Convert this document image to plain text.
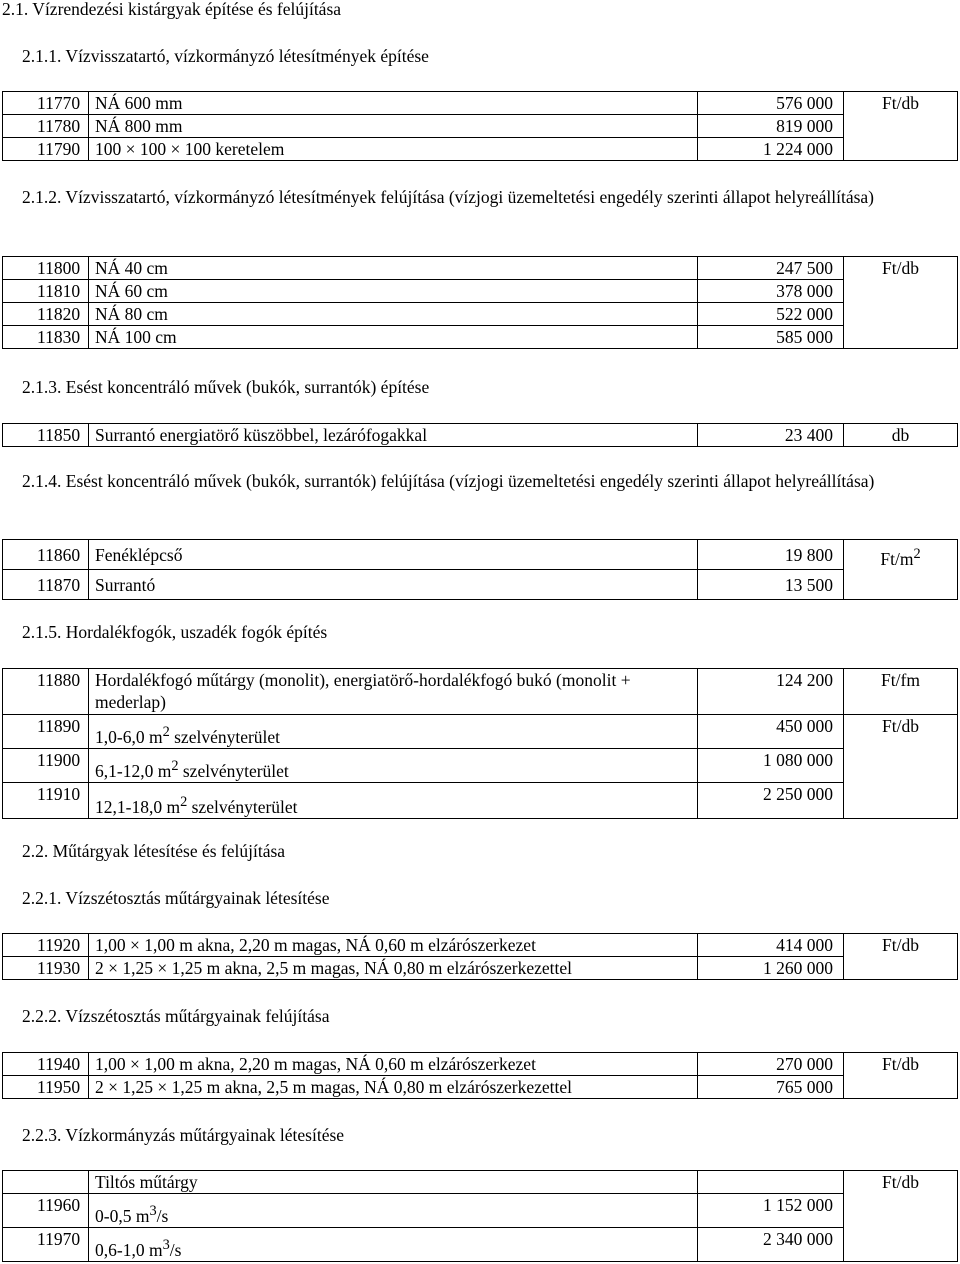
2.1. Vízrendezési kistárgyak építése és felújítása
2.1.1. Vízvisszatartó, vízkormányzó létesítmények építése
11770	NÁ 600 mm	576 000	Ft/db
11780	NÁ 800 mm	819 000	
11790	100 × 100 × 100 keretelem	1 224 000	
2.1.2. Vízvisszatartó, vízkormányzó létesítmények felújítása (vízjogi üzemeltetési engedély szerinti állapot helyreállítása)
11800	NÁ 40 cm	247 500	Ft/db
11810	NÁ 60 cm	378 000	
11820	NÁ 80 cm	522 000	
11830	NÁ 100 cm	585 000	
2.1.3. Esést koncentráló művek (bukók, surrantók) építése
11850	Surrantó energiatörő küszöbbel, lezárófogakkal	23 400	db
2.1.4. Esést koncentráló művek (bukók, surrantók) felújítása (vízjogi üzemeltetési engedély szerinti állapot helyreállítása)
11860	Fenéklépcső	19 800	$Ft/m^2$
11870	Surrantó	13 500	
2.1.5. Hordalékfogók, uszadék fogók építés
11880	Hordalékfogó műtárgy (monolit), energiatörő-hordalékfogó bukó (monolit + mederlap)	124 200	Ft/fm
11890	1,0-6,0 $m^2$ szelvényterület	450 000	Ft/db
11900	6,1-12,0 $m^2$ szelvényterület	1 080 000	
11910	12,1-18,0 $m^2$ szelvényterület	2 250 000	
2.2. Műtárgyak létesítése és felújítása
2.2.1. Vízszétosztás műtárgyainak létesítése
11920	1,00 × 1,00 m akna, 2,20 m magas, NÁ 0,60 m elzárószerkezet	414 000	Ft/db
11930	2 × 1,25 × 1,25 m akna, 2,5 m magas, NÁ 0,80 m elzárószerkezettel	1 260 000	
2.2.2. Vízszétosztás műtárgyainak felújítása
11940	1,00 × 1,00 m akna, 2,20 m magas, NÁ 0,60 m elzárószerkezet	270 000	Ft/db
11950	2 × 1,25 × 1,25 m akna, 2,5 m magas, NÁ 0,80 m elzárószerkezettel	765 000	
2.2.3. Vízkormányzás műtárgyainak létesítése
	Tiltós műtárgy		Ft/db
11960	0-0,5 $m^3/s$	1 152 000	
11970	0,6-1,0 $m^3/s$	2 340 000	
